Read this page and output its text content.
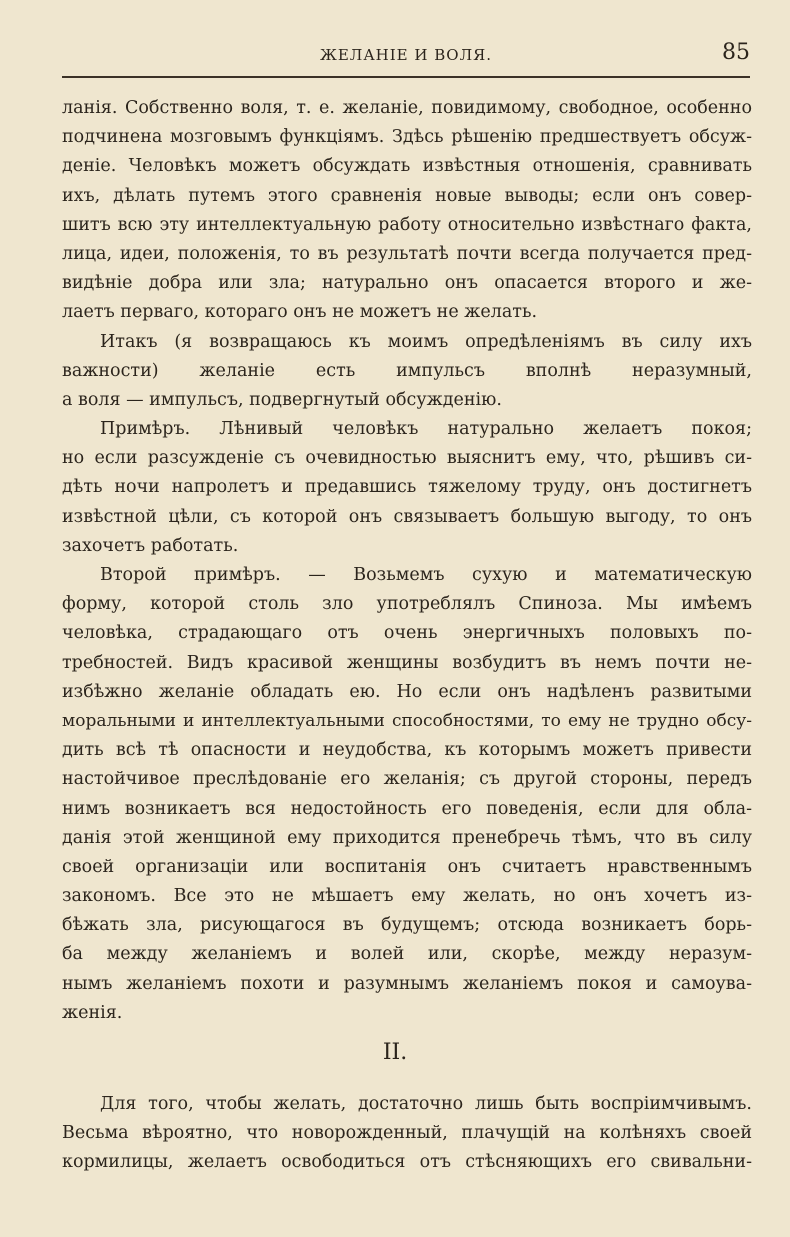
ЖЕЛАНІЕ И ВОЛЯ.	85
ланія. Собственно воля, т. е. желаніе, повидимому, свободное, особенно
подчинена мозговымъ функціямъ. Здѣсь рѣшенію предшествуетъ обсуж-
деніе. Человѣкъ можетъ обсуждать извѣстныя отношенія, сравнивать
ихъ, дѣлать путемъ этого сравненія новые выводы; если онъ совер-
шитъ всю эту интеллектуальную работу относительно извѣстнаго факта,
лица, идеи, положенія, то въ результатѣ почти всегда получается пред-
видѣніе добра или зла; натурально онъ опасается второго и же-
лаетъ перваго, котораго онъ не можетъ не желать.
Итакъ (я возвращаюсь къ моимъ опредѣленіямъ въ силу ихъ
важности) желаніе есть импульсъ вполнѣ неразумный,
а воля — импульсъ, подвергнутый обсужденію.
Примѣръ. Лѣнивый человѣкъ натурально желаетъ покоя;
но если разсужденіе съ очевидностью выяснитъ ему, что, рѣшивъ си-
дѣть ночи напролетъ и предавшись тяжелому труду, онъ достигнетъ
извѣстной цѣли, съ которой онъ связываетъ большую выгоду, то онъ
захочетъ работать.
Второй примѣръ. — Возьмемъ сухую и математическую
форму, которой столь зло употреблялъ Спиноза. Мы имѣемъ
человѣка, страдающаго отъ очень энергичныхъ половыхъ по-
требностей. Видъ красивой женщины возбудитъ въ немъ почти не-
избѣжно желаніе обладать ею. Но если онъ надѣленъ развитыми
моральными и интеллектуальными способностями, то ему не трудно обсу-
дить всѣ тѣ опасности и неудобства, къ которымъ можетъ привести
настойчивое преслѣдованіе его желанія; съ другой стороны, передъ
нимъ возникаетъ вся недостойность его поведенія, если для обла-
данія этой женщиной ему приходится пренебречь тѣмъ, что въ силу
своей организаціи или воспитанія онъ считаетъ нравственнымъ
закономъ. Все это не мѣшаетъ ему желать, но онъ хочетъ из-
бѣжать зла, рисующагося въ будущемъ; отсюда возникаетъ борь-
ба между желаніемъ и волей или, скорѣе, между неразум-
нымъ желаніемъ похоти и разумнымъ желаніемъ покоя и самоува-
женія.
II.
Для того, чтобы желать, достаточно лишь быть воспріимчивымъ.
Весьма вѣроятно, что новорожденный, плачущій на колѣняхъ своей
кормилицы, желаетъ освободиться отъ стѣсняющихъ его свивальни-
